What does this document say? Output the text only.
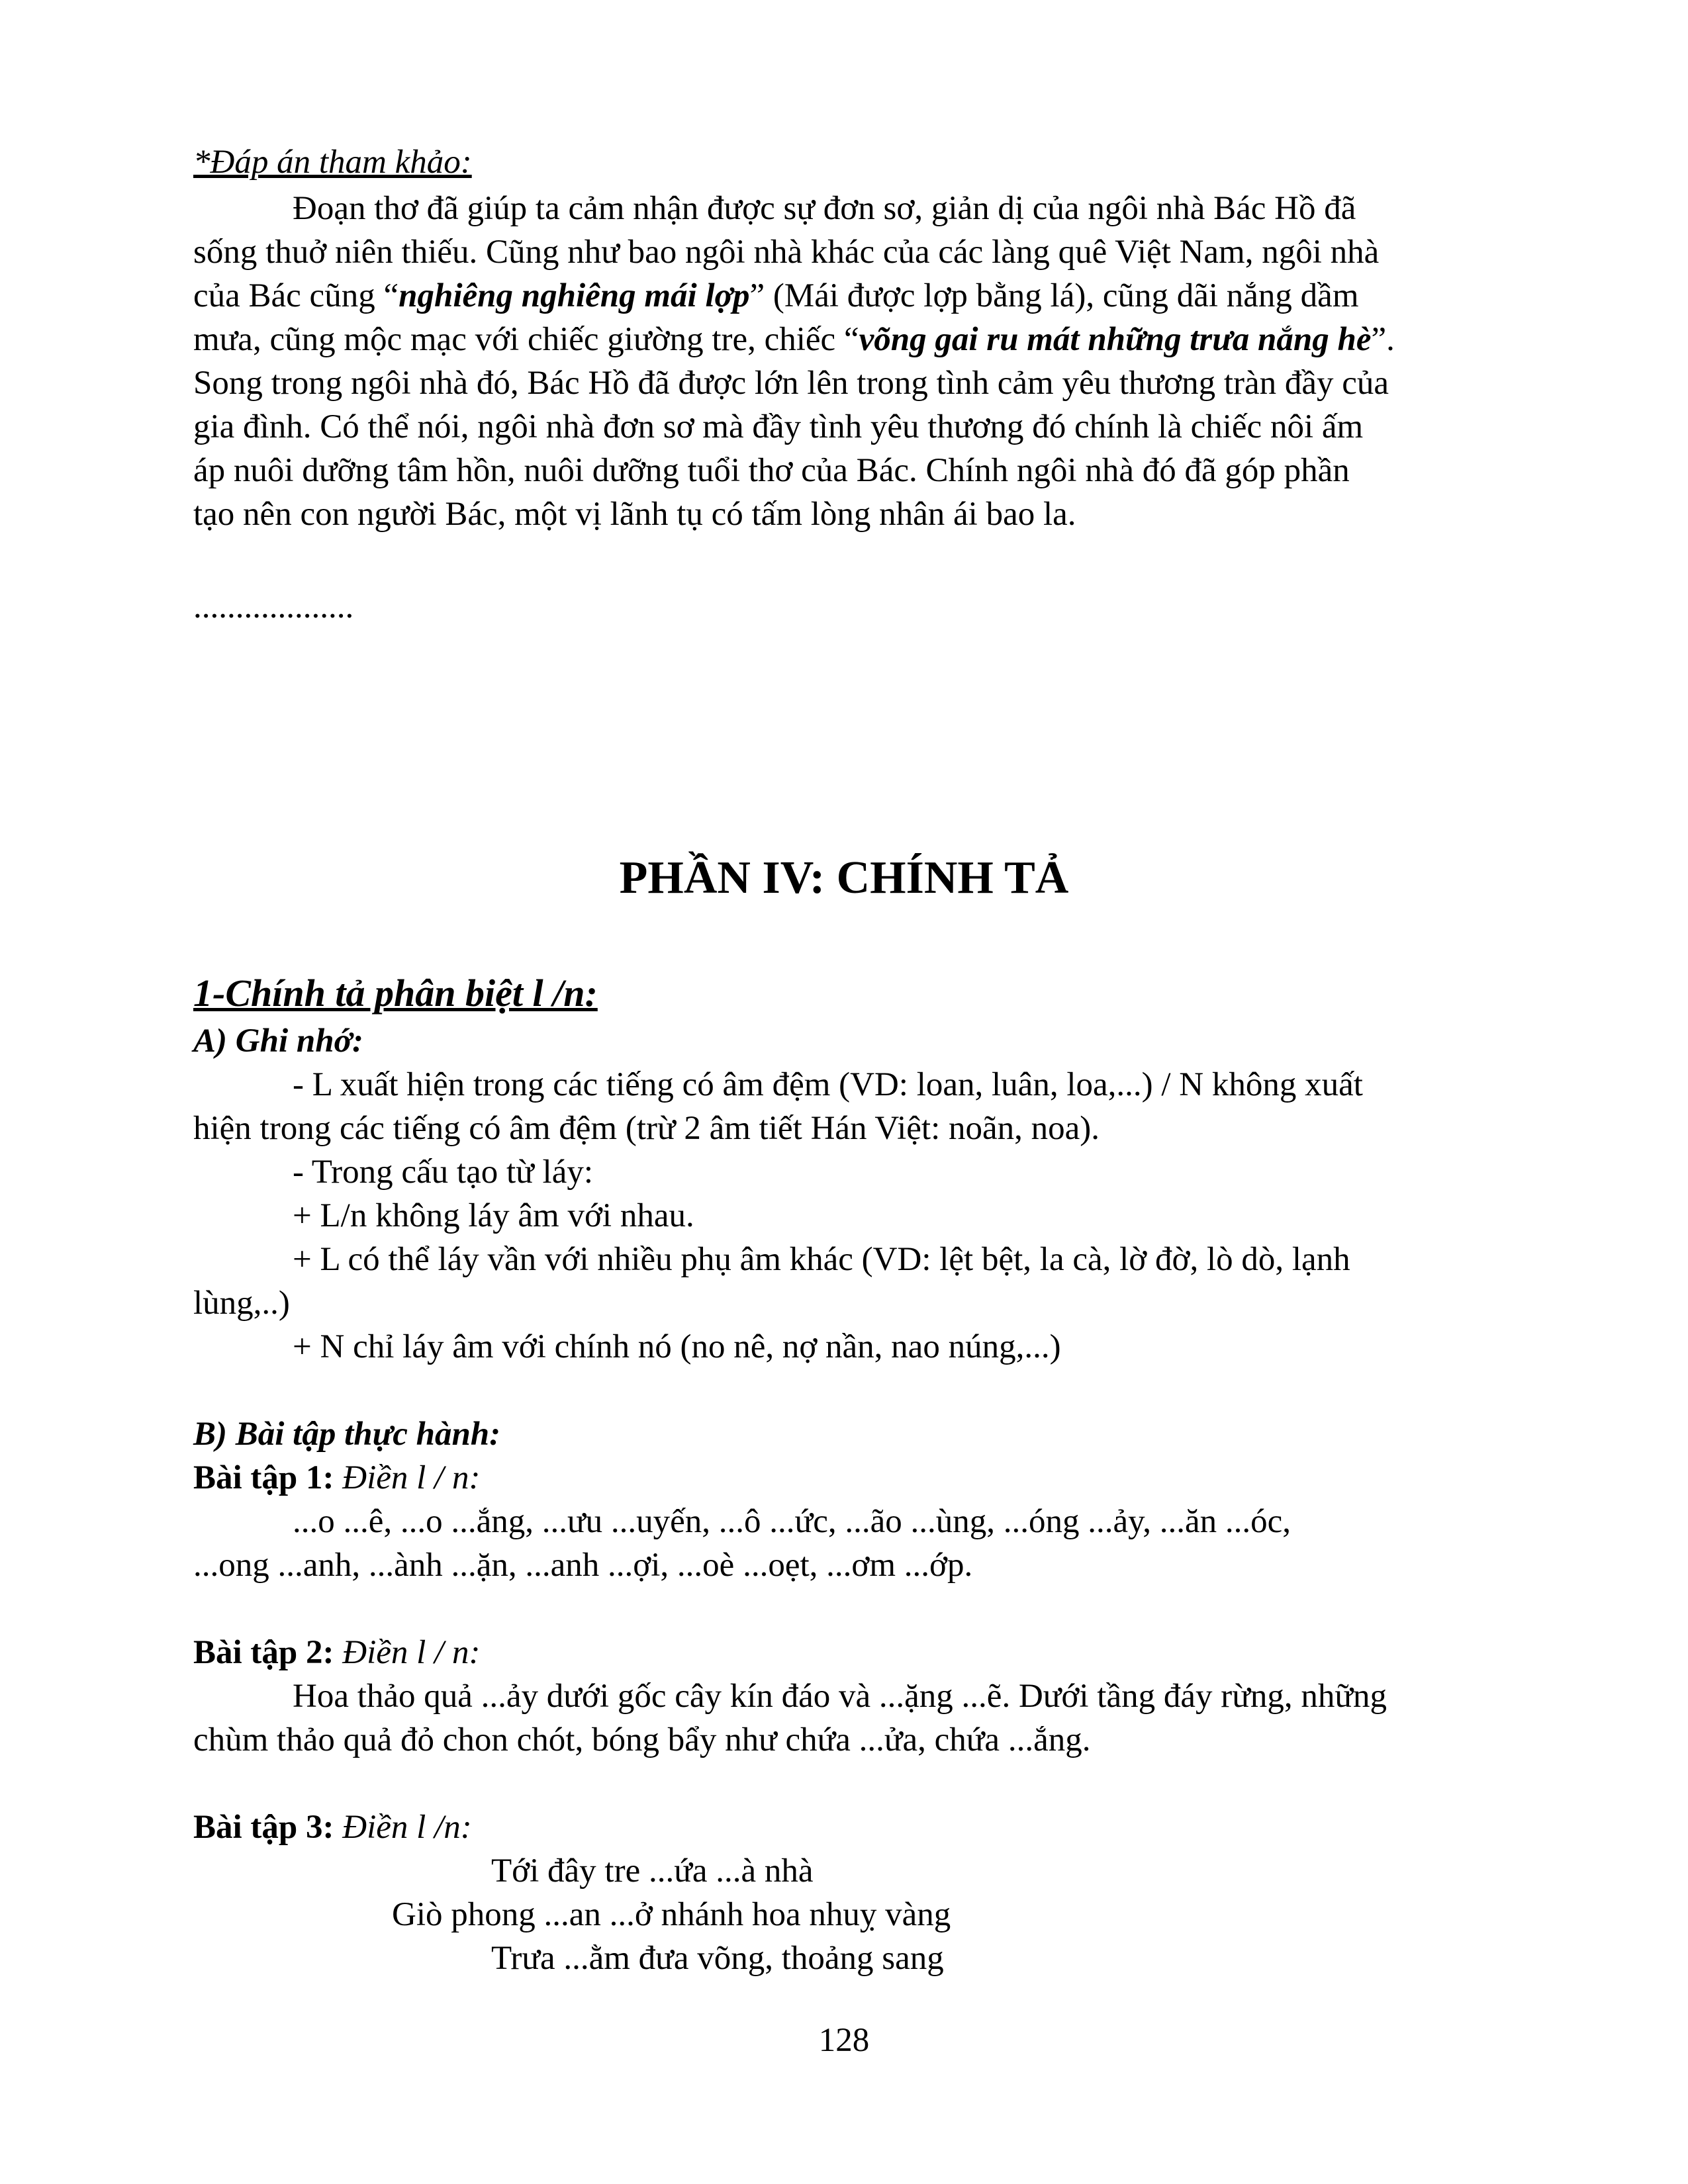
*Đáp án tham khảo:
Đoạn thơ đã giúp ta cảm nhận được sự đơn sơ, giản dị của ngôi nhà Bác Hồ đã
sống thuở niên thiếu. Cũng như bao ngôi nhà khác của các làng quê Việt Nam, ngôi nhà
của Bác cũng “nghiêng nghiêng mái lợp” (Mái được lợp bằng lá), cũng dãi nắng dầm
mưa, cũng mộc mạc với chiếc giường tre, chiếc “võng gai ru mát những trưa nắng hè”.
Song trong ngôi nhà đó, Bác Hồ đã được lớn lên trong tình cảm yêu thương tràn đầy của
gia đình. Có thể nói, ngôi nhà đơn sơ mà đầy tình yêu thương đó chính là chiếc nôi ấm
áp nuôi dưỡng tâm hồn, nuôi dưỡng tuổi thơ của Bác. Chính ngôi nhà đó đã góp phần
tạo nên con người Bác, một vị lãnh tụ có tấm lòng nhân ái bao la.
...................
PHẦN IV: CHÍNH TẢ
1-Chính tả phân biệt l /n:
A) Ghi nhớ:
- L xuất hiện trong các tiếng có âm đệm (VD: loan, luân, loa,...) / N không xuất
hiện trong các tiếng có âm đệm (trừ 2 âm tiết Hán Việt: noãn, noa).
- Trong cấu tạo từ láy:
+ L/n không láy âm với nhau.
+ L có thể láy vần với nhiều phụ âm khác (VD: lệt bệt, la cà, lờ đờ, lò dò, lạnh
lùng,..)
+ N chỉ láy âm với chính nó (no nê, nợ nần, nao núng,...)
B) Bài tập thực hành:
Bài tập 1: Điền l / n:
...o ...ê, ...o ...ắng, ...ưu ...uyến, ...ô ...ức, ...ão ...ùng, ...óng ...ảy, ...ăn ...óc,
...ong ...anh, ...ành ...ặn, ...anh ...ợi, ...oè ...oẹt, ...ơm ...ớp.
Bài tập 2: Điền l / n:
Hoa thảo quả ...ảy dưới gốc cây kín đáo và ...ặng ...ẽ. Dưới tầng đáy rừng, những
chùm thảo quả đỏ chon chót, bóng bẩy như chứa ...ửa, chứa ...ắng.
Bài tập 3: Điền l /n:
Tới đây tre ...ứa ...à nhà
Giò phong ...an ...ở nhánh hoa nhuỵ vàng
Trưa ...ằm đưa võng, thoảng sang
128
